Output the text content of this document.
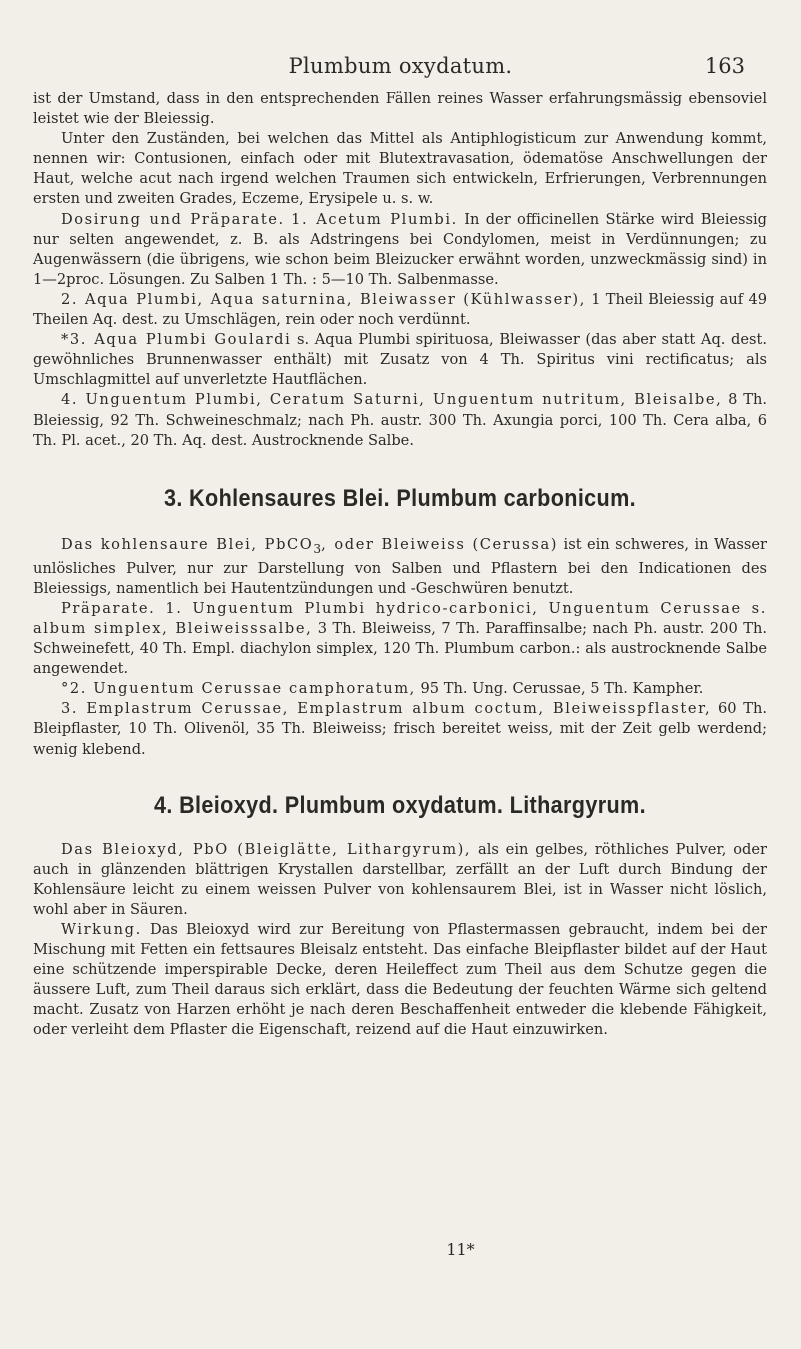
Plumbum oxydatum.	163

ist der Umstand, dass in den entsprechenden Fällen reines Wasser erfahrungsmässig ebensoviel leistet wie der Bleiessig.

Unter den Zuständen, bei welchen das Mittel als Antiphlogisticum zur Anwendung kommt, nennen wir: Contusionen, einfach oder mit Blutextravasation, ödematöse Anschwellungen der Haut, welche acut nach irgend welchen Traumen sich entwickeln, Erfrierungen, Verbrennungen ersten und zweiten Grades, Eczeme, Erysipele u. s. w.

Dosirung und Präparate. 1. Acetum Plumbi. In der officinellen Stärke wird Bleiessig nur selten angewendet, z. B. als Adstringens bei Condylomen, meist in Verdünnungen; zu Augenwässern (die übrigens, wie schon beim Bleizucker erwähnt worden, unzweckmässig sind) in 1—2proc. Lösungen. Zu Salben 1 Th. : 5—10 Th. Salbenmasse.

2. Aqua Plumbi, Aqua saturnina, Bleiwasser (Kühlwasser), 1 Theil Bleiessig auf 49 Theilen Aq. dest. zu Umschlägen, rein oder noch verdünnt.

*3. Aqua Plumbi Goulardi s. Aqua Plumbi spirituosa, Bleiwasser (das aber statt Aq. dest. gewöhnliches Brunnenwasser enthält) mit Zusatz von 4 Th. Spiritus vini rectificatus; als Umschlagmittel auf unverletzte Hautflächen.

4. Unguentum Plumbi, Ceratum Saturni, Unguentum nutritum, Bleisalbe, 8 Th. Bleiessig, 92 Th. Schweineschmalz; nach Ph. austr. 300 Th. Axungia porci, 100 Th. Cera alba, 6 Th. Pl. acet., 20 Th. Aq. dest. Austrocknende Salbe.

3. Kohlensaures Blei. Plumbum carbonicum.

Das kohlensaure Blei, PbCO$_3$, oder Bleiweiss (Cerussa) ist ein schweres, in Wasser unlösliches Pulver, nur zur Darstellung von Salben und Pflastern bei den Indicationen des Bleiessigs, namentlich bei Hautentzündungen und -Geschwüren benutzt.

Präparate. 1. Unguentum Plumbi hydrico-carbonici, Unguentum Cerussae s. album simplex, Bleiweisssalbe, 3 Th. Bleiweiss, 7 Th. Paraffinsalbe; nach Ph. austr. 200 Th. Schweinefett, 40 Th. Empl. diachylon simplex, 120 Th. Plumbum carbon.: als austrocknende Salbe angewendet.

°2. Unguentum Cerussae camphoratum, 95 Th. Ung. Cerussae, 5 Th. Kampher.

3. Emplastrum Cerussae, Emplastrum album coctum, Bleiweisspflaster, 60 Th. Bleipflaster, 10 Th. Olivenöl, 35 Th. Bleiweiss; frisch bereitet weiss, mit der Zeit gelb werdend; wenig klebend.

4. Bleioxyd. Plumbum oxydatum. Lithargyrum.

Das Bleioxyd, PbO (Bleiglätte, Lithargyrum), als ein gelbes, röthliches Pulver, oder auch in glänzenden blättrigen Krystallen darstellbar, zerfällt an der Luft durch Bindung der Kohlensäure leicht zu einem weissen Pulver von kohlensaurem Blei, ist in Wasser nicht löslich, wohl aber in Säuren.

Wirkung. Das Bleioxyd wird zur Bereitung von Pflastermassen gebraucht, indem bei der Mischung mit Fetten ein fettsaures Bleisalz entsteht. Das einfache Bleipflaster bildet auf der Haut eine schützende imperspirable Decke, deren Heileffect zum Theil aus dem Schutze gegen die äussere Luft, zum Theil daraus sich erklärt, dass die Bedeutung der feuchten Wärme sich geltend macht. Zusatz von Harzen erhöht je nach deren Beschaffenheit entweder die klebende Fähigkeit, oder verleiht dem Pflaster die Eigenschaft, reizend auf die Haut einzuwirken.

11*
